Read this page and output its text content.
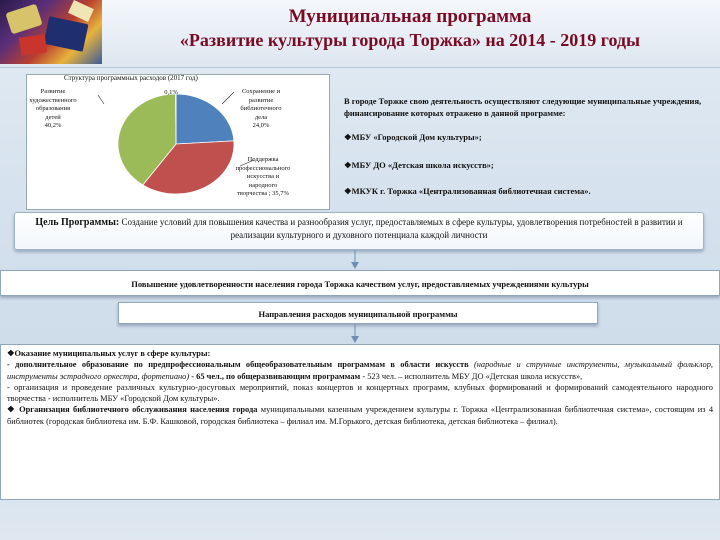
Муниципальная программа
«Развитие культуры города Торжка» на 2014 - 2019 годы
Структура программных расходов (2017 год)
Развитие
художественного
образования
детей
40,2%
0,1%	Сохранение и
развитие
библиотечного
дела
24,0%
Поддержка
профессионального
искусства и
народного
творчества ; 35,7%
В городе Торжке свою деятельность осуществляют следующие муниципальные учреждения, финансирование которых отражено в данной программе:
❖МБУ «Городской Дом культуры»;
❖МБУ ДО «Детская школа искусств»;
❖МКУК г. Торжка «Централизованная библиотечная система».
Цель Программы: Создание условий для повышения качества и разнообразия услуг, предоставляемых в сфере культуры, удовлетворения потребностей в развитии и реализации культурного и духовного потенциала каждой личности
Повышение удовлетворенности населения города Торжка качеством услуг, предоставляемых учреждениями культуры
Направления расходов муниципальной программы

❖Оказание муниципальных услуг в сфере культуры:

- дополнительное образование по предпрофессиональным общеобразовательным программам в области искусств (народные и струнные инструменты, музыкальный фольклор, инструменты эстрадного оркестра, фортепиано) - 65 чел., по общеразвивающим программам - 523 чел. – исполнитель МБУ ДО «Детская школа искусств»,

- организация и проведение различных культурно-досуговых мероприятий, показ концертов и концертных программ, клубных формирований и формирований самодеятельного народного творчества - исполнитель МБУ «Городской Дом культуры».

❖ Организация библиотечного обслуживания населения города муниципальными казенным учреждением культуры г. Торжка «Централизованная библиотечная система», состоящим из 4 библиотек (городская библиотека им. Б.Ф. Кашковой, городская библиотека – филиал им. М.Горького, детская библиотека, детская библиотека – филиал).
